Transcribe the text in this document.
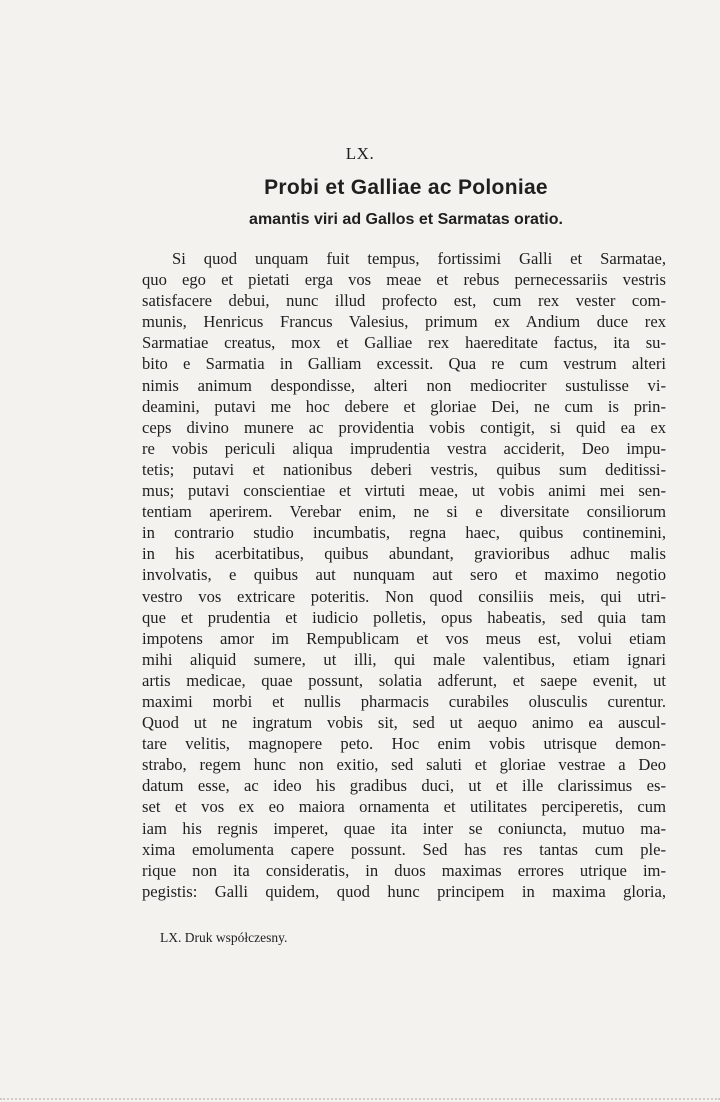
LX.
Probi et Galliae ac Poloniae
amantis viri ad Gallos et Sarmatas oratio.
Si quod unquam fuit tempus, fortissimi Galli et Sarmatae,
quo ego et pietati erga vos meae et rebus pernecessariis vestris
satisfacere debui, nunc illud profecto est, cum rex vester com-
munis, Henricus Francus Valesius, primum ex Andium duce rex
Sarmatiae creatus, mox et Galliae rex haereditate factus, ita su-
bito e Sarmatia in Galliam excessit. Qua re cum vestrum alteri
nimis animum despondisse, alteri non mediocriter sustulisse vi-
deamini, putavi me hoc debere et gloriae Dei, ne cum is prin-
ceps divino munere ac providentia vobis contigit, si quid ea ex
re vobis periculi aliqua imprudentia vestra acciderit, Deo impu-
tetis; putavi et nationibus deberi vestris, quibus sum deditissi-
mus; putavi conscientiae et virtuti meae, ut vobis animi mei sen-
tentiam aperirem. Verebar enim, ne si e diversitate consiliorum
in contrario studio incumbatis, regna haec, quibus continemini,
in his acerbitatibus, quibus abundant, gravioribus adhuc malis
involvatis, e quibus aut nunquam aut sero et maximo negotio
vestro vos extricare poteritis. Non quod consiliis meis, qui utri-
que et prudentia et iudicio polletis, opus habeatis, sed quia tam
impotens amor im Rempublicam et vos meus est, volui etiam
mihi aliquid sumere, ut illi, qui male valentibus, etiam ignari
artis medicae, quae possunt, solatia adferunt, et saepe evenit, ut
maximi morbi et nullis pharmacis curabiles olusculis curentur.
Quod ut ne ingratum vobis sit, sed ut aequo animo ea auscul-
tare velitis, magnopere peto. Hoc enim vobis utrisque demon-
strabo, regem hunc non exitio, sed saluti et gloriae vestrae a Deo
datum esse, ac ideo his gradibus duci, ut et ille clarissimus es-
set et vos ex eo maiora ornamenta et utilitates perciperetis, cum
iam his regnis imperet, quae ita inter se coniuncta, mutuo ma-
xima emolumenta capere possunt. Sed has res tantas cum ple-
rique non ita consideratis, in duos maximas errores utrique im-
pegistis: Galli quidem, quod hunc principem in maxima gloria,
LX. Druk współczesny.
